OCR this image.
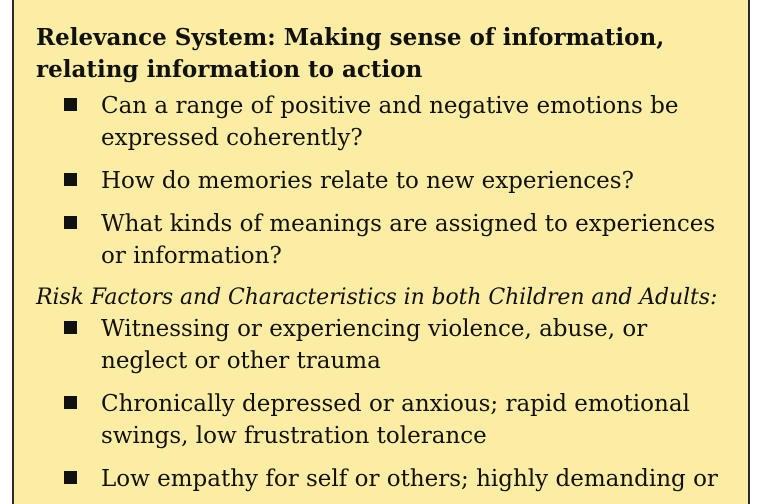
Relevance System: Making sense of information, relating information to action

Can a range of positive and negative emotions be expressed coherently?
How do memories relate to new experiences?
What kinds of meanings are assigned to experiences or information?
Risk Factors and Characteristics in both Children and Adults:
Witnessing or experiencing violence, abuse, or neglect or other trauma
Chronically depressed or anxious; rapid emotional swings, low frustration tolerance
Low empathy for self or others; highly demanding or
